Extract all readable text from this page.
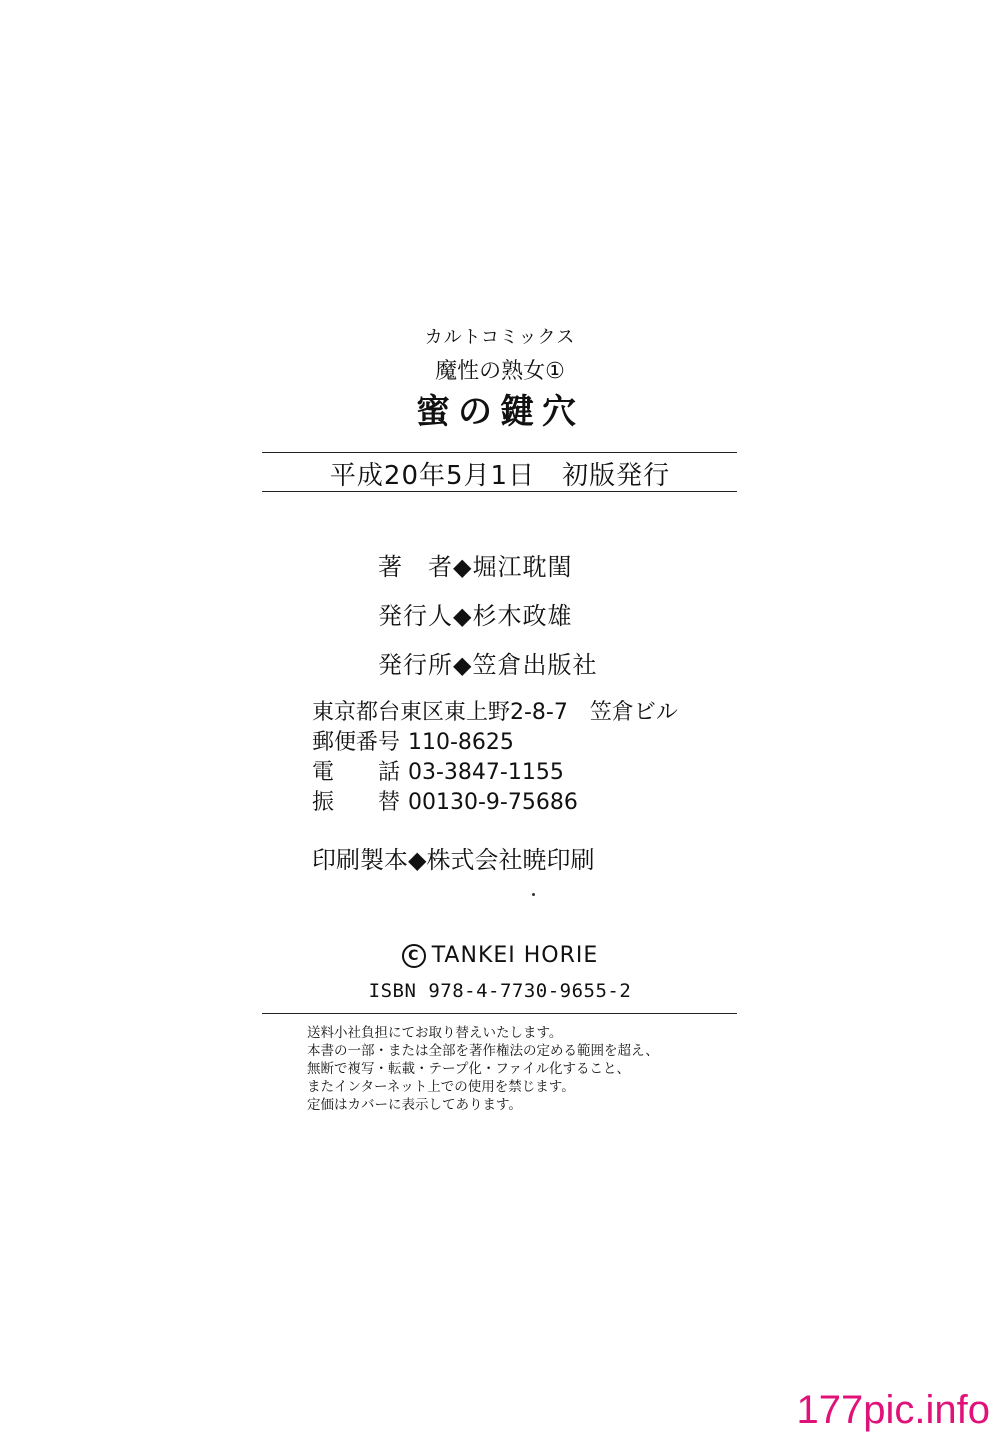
カルトコミックス
魔性の熟女①
蜜の鍵穴
平成20年5月1日　初版発行
著　者◆堀江耽閨
発行人◆杉木政雄
発行所◆笠倉出版社
東京都台東区東上野2-8-7　笠倉ビル
郵便番号 110-8625
電　　話 03-3847-1155
振　　替 00130-9-75686
印刷製本◆株式会社暁印刷
C TANKEI HORIE
ISBN 978-4-7730-9655-2
送料小社負担にてお取り替えいたします。
本書の一部・または全部を著作権法の定める範囲を超え、
無断で複写・転載・テープ化・ファイル化すること、
またインターネット上での使用を禁じます。
定価はカバーに表示してあります。
177pic.info
